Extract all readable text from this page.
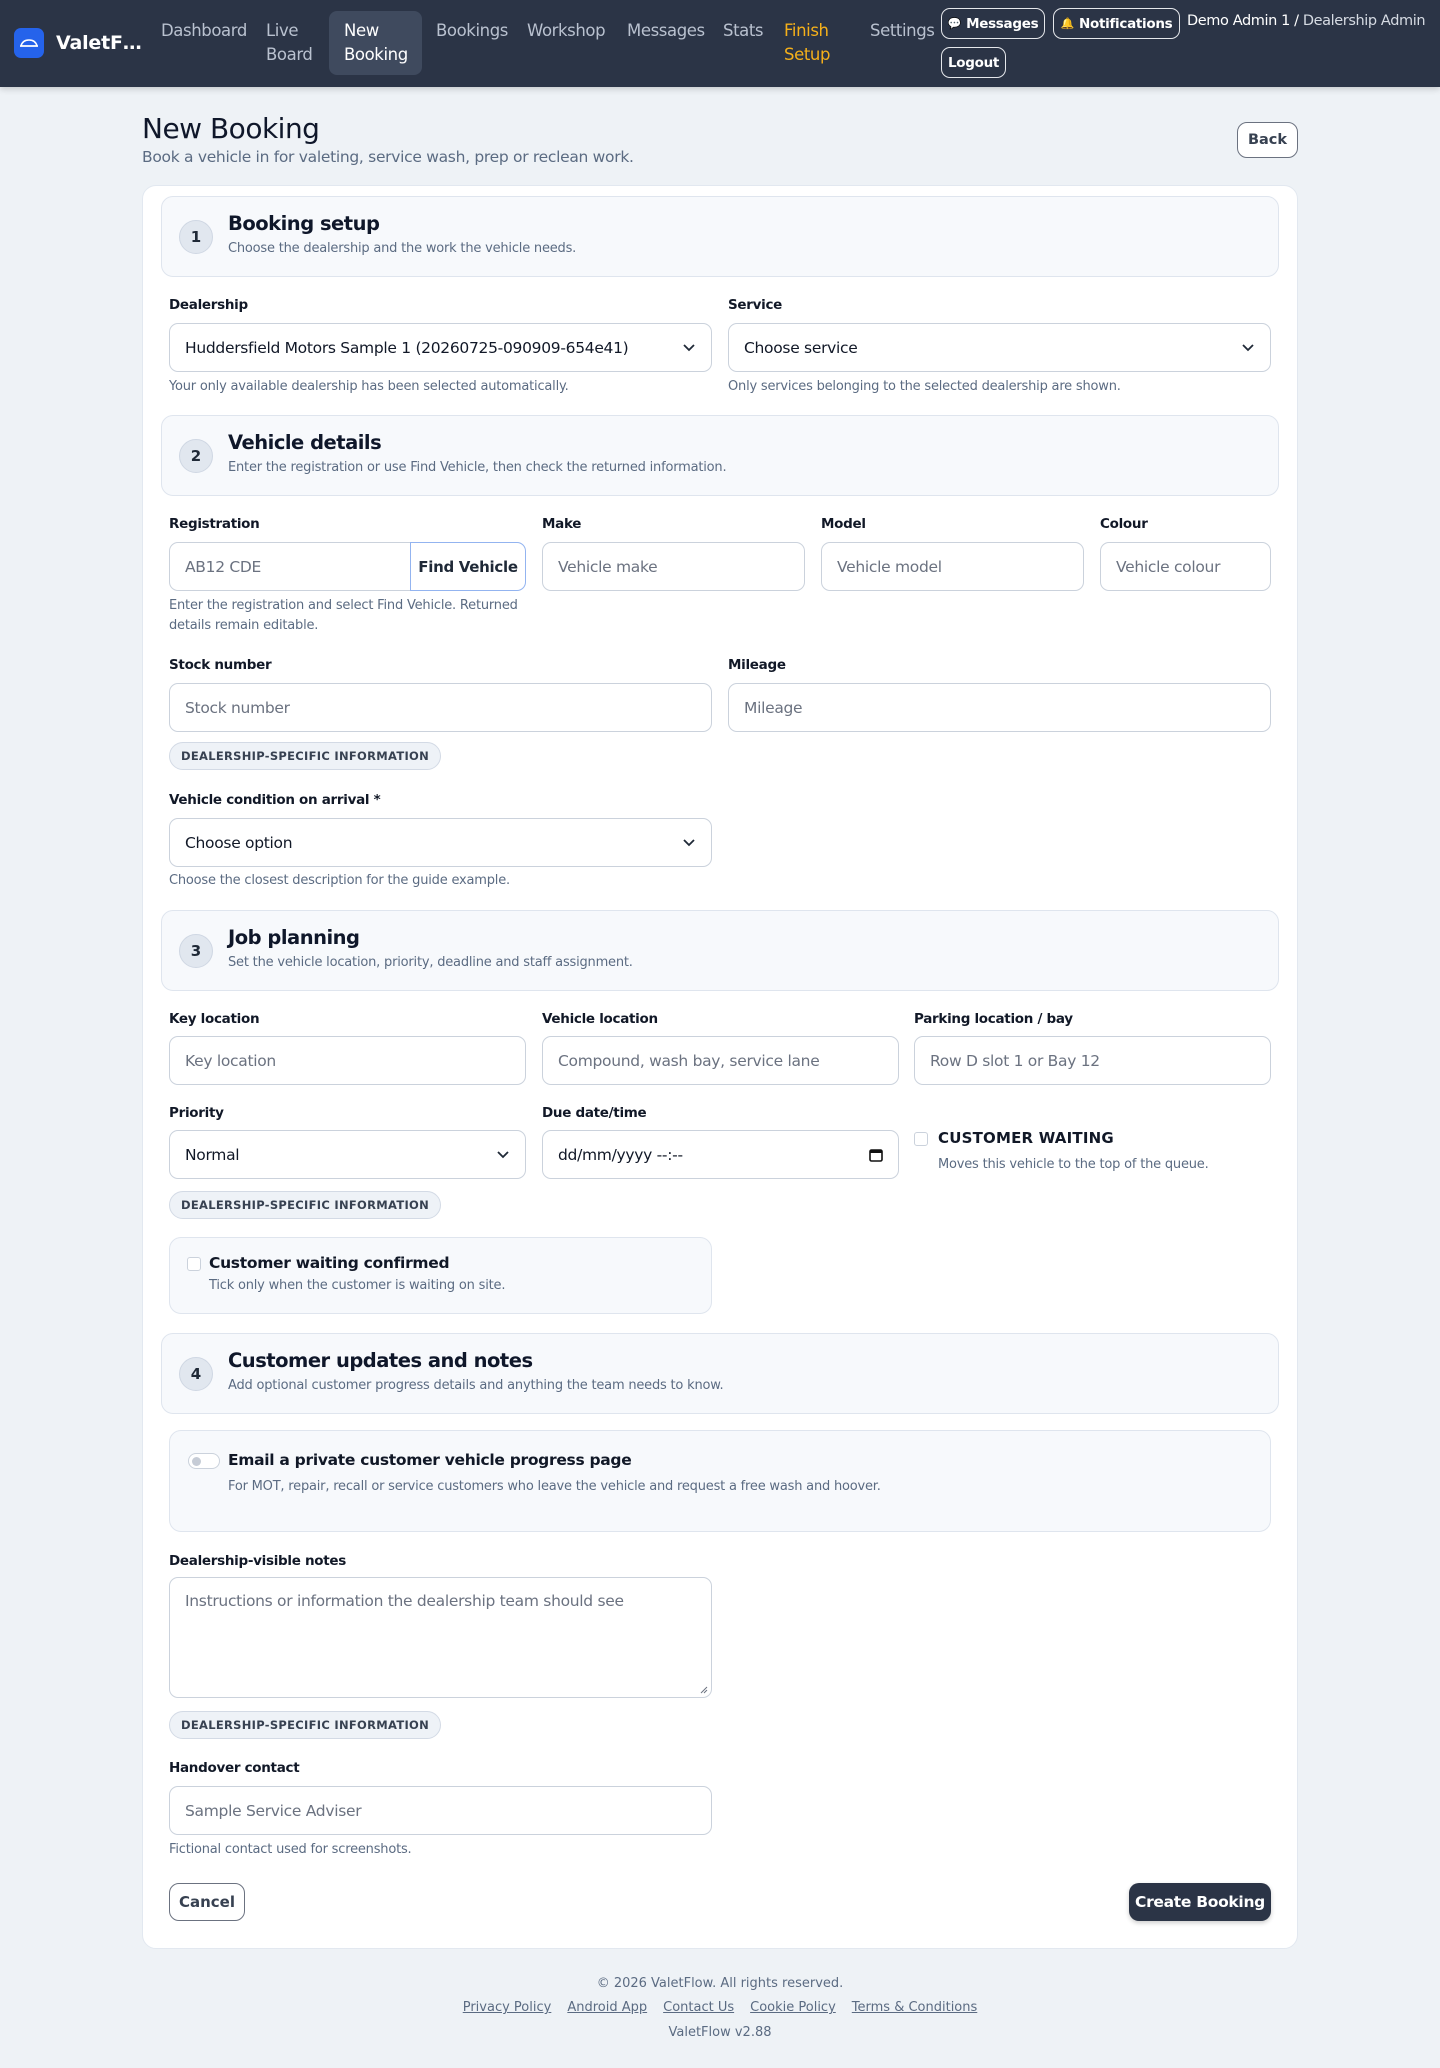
ValetF…
Dashboard Live
Board
New
Booking
Bookings Workshop Messages Stats Finish
Setup
Settings 💬 Messages 🔔 Notifications
Logout
Demo Admin 1 / Dealership Admin
New Booking
Book a vehicle in for valeting, service wash, prep or reclean work.
Back
1
Booking setup
Choose the dealership and the work the vehicle needs.
Dealership
Huddersfield Motors Sample 1 (20260725-090909-654e41)
Your only available dealership has been selected automatically.
Service
Choose service
Only services belonging to the selected dealership are shown.
2
Vehicle details
Enter the registration or use Find Vehicle, then check the returned information.
Registration
AB12 CDE	Find Vehicle
Enter the registration and select Find Vehicle. Returned
details remain editable.
Make
Vehicle make
Model
Vehicle model
Colour
Vehicle colour
Stock number
Stock number
Mileage
Mileage
DEALERSHIP-SPECIFIC INFORMATION
Vehicle condition on arrival *
Choose option
Choose the closest description for the guide example.
3
Job planning
Set the vehicle location, priority, deadline and staff assignment.
Key location
Key location
Vehicle location
Compound, wash bay, service lane
Parking location / bay
Row D slot 1 or Bay 12
Priority
Normal
Due date/time
dd/mm/yyyy --:--
CUSTOMER WAITING
Moves this vehicle to the top of the queue.
DEALERSHIP-SPECIFIC INFORMATION
Customer waiting confirmed
Tick only when the customer is waiting on site.
4
Customer updates and notes
Add optional customer progress details and anything the team needs to know.
Email a private customer vehicle progress page
For MOT, repair, recall or service customers who leave the vehicle and request a free wash and hoover.
Dealership-visible notes
Instructions or information the dealership team should see
DEALERSHIP-SPECIFIC INFORMATION
Handover contact
Sample Service Adviser
Fictional contact used for screenshots.
Cancel	Create Booking
© 2026 ValetFlow. All rights reserved.
Privacy Policy Android App Contact Us Cookie Policy Terms & Conditions
ValetFlow v2.88
